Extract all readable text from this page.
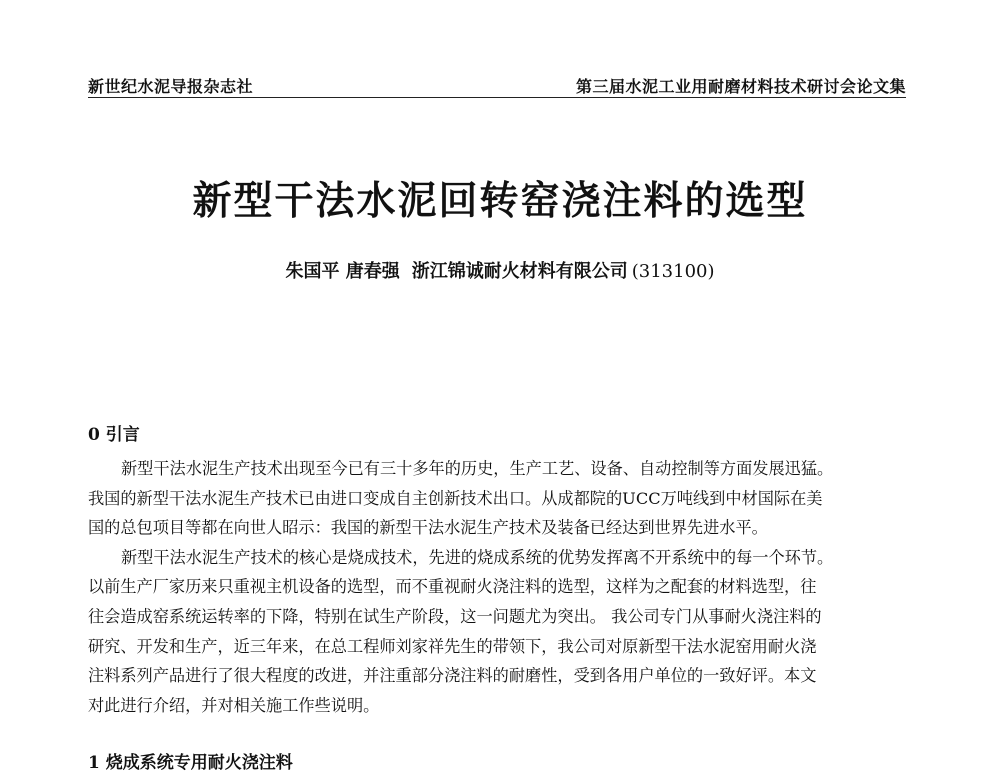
新世纪水泥导报杂志社	第三届水泥工业用耐磨材料技术研讨会论文集
新型干法水泥回转窑浇注料的选型
朱国平 唐春强 浙江锦诚耐火材料有限公司 (313100)
0 引言
新型干法水泥生产技术出现至今已有三十多年的历史，生产工艺、设备、自动控制等方面发展迅猛。
我国的新型干法水泥生产技术已由进口变成自主创新技术出口。从成都院的UCC万吨线到中材国际在美
国的总包项目等都在向世人昭示：我国的新型干法水泥生产技术及装备已经达到世界先进水平。
新型干法水泥生产技术的核心是烧成技术，先进的烧成系统的优势发挥离不开系统中的每一个环节。
以前生产厂家历来只重视主机设备的选型，而不重视耐火浇注料的选型，这样为之配套的材料选型，往
往会造成窑系统运转率的下降，特别在试生产阶段，这一问题尤为突出。 我公司专门从事耐火浇注料的
研究、开发和生产，近三年来，在总工程师刘家祥先生的带领下，我公司对原新型干法水泥窑用耐火浇
注料系列产品进行了很大程度的改进，并注重部分浇注料的耐磨性，受到各用户单位的一致好评。本文
对此进行介绍，并对相关施工作些说明。
1 烧成系统专用耐火浇注料
